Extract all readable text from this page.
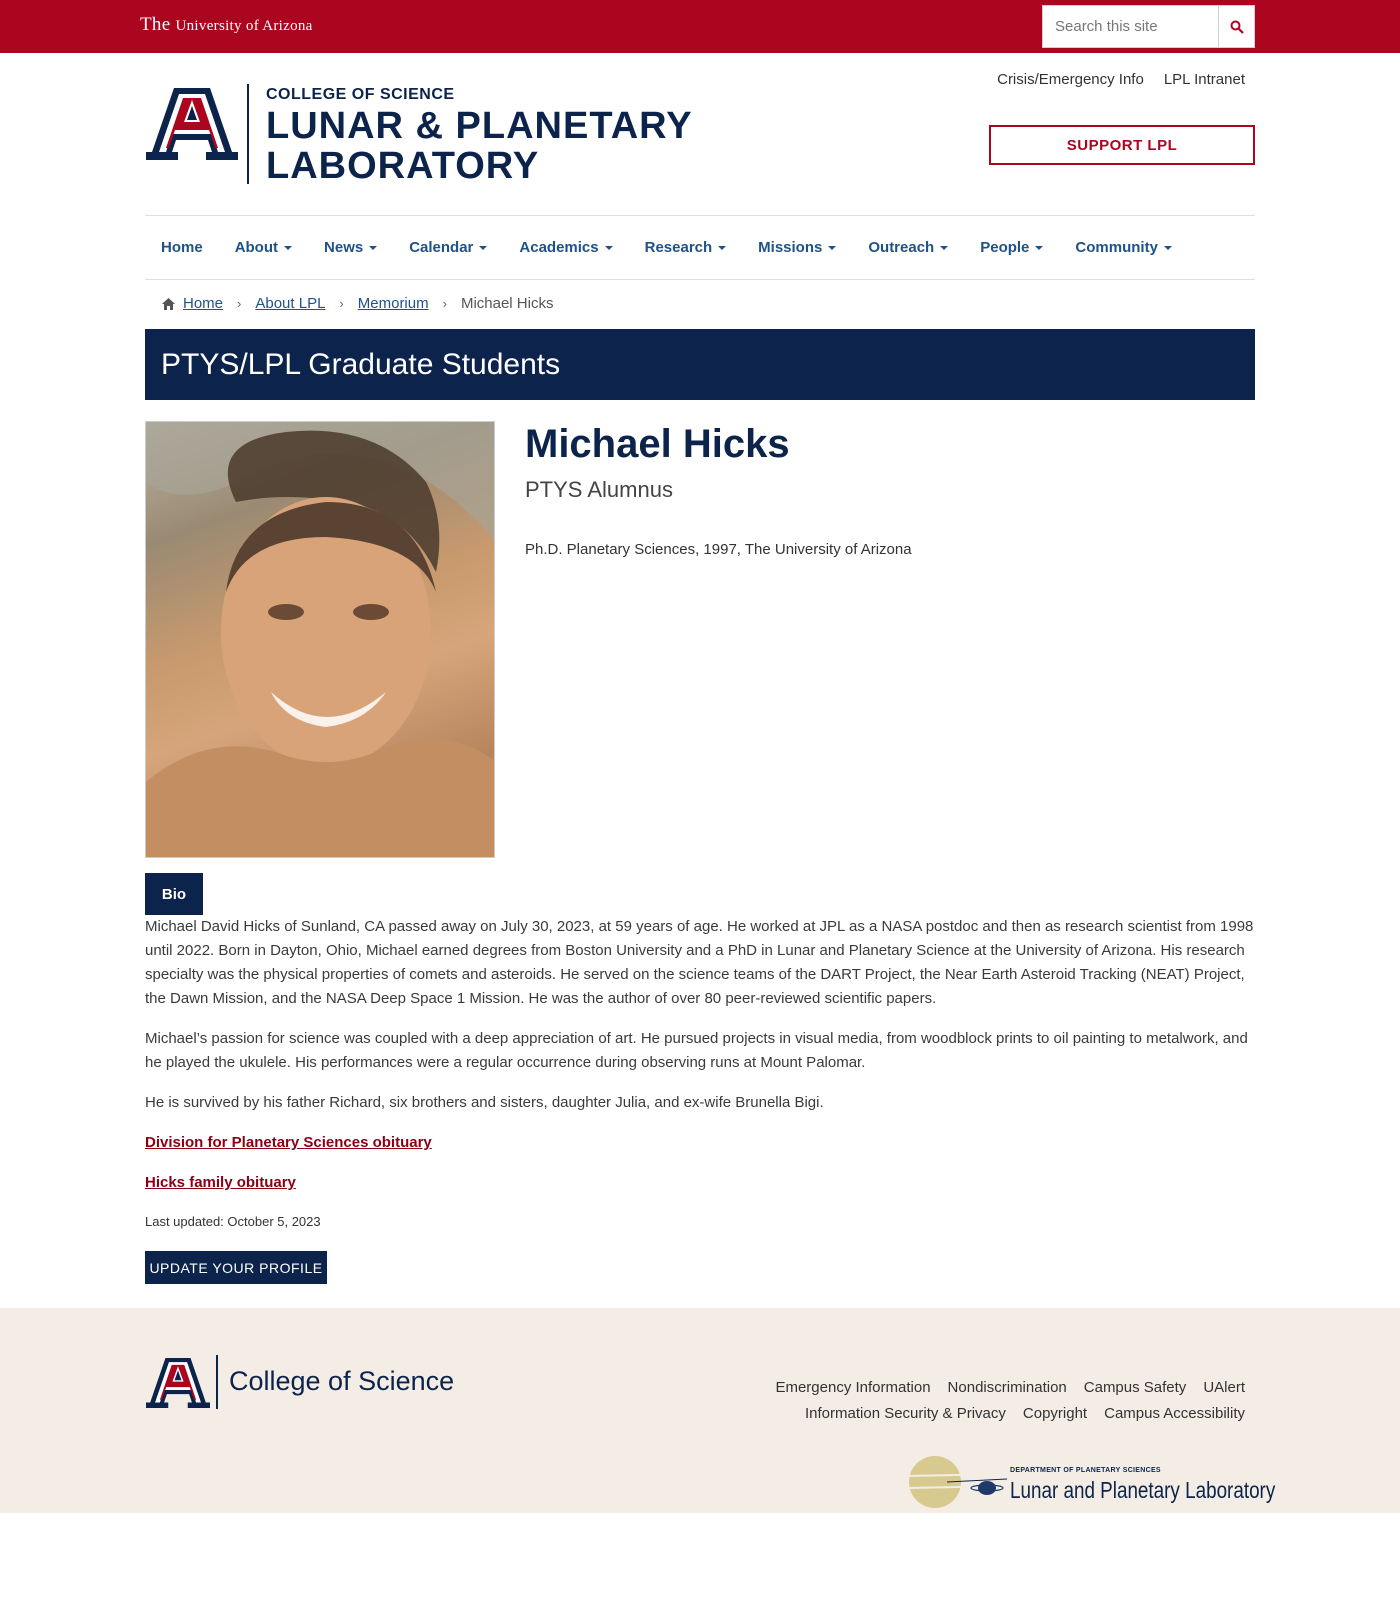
The University of Arizona
Search this site
COLLEGE OF SCIENCE
LUNAR & PLANETARY
LABORATORY
Crisis/Emergency Info LPL Intranet
SUPPORT LPL
Home About	News	Calendar	Academics	Research	Missions	Outreach	People	Community
Home › About LPL › Memorium › Michael Hicks
PTYS/LPL Graduate Students
Michael Hicks
PTYS Alumnus
Ph.D. Planetary Sciences, 1997, The University of Arizona
Bio

Michael David Hicks of Sunland, CA passed away on July 30, 2023, at 59 years of age. He worked at JPL as a NASA postdoc and then as research scientist from 1998 until 2022. Born in Dayton, Ohio, Michael earned degrees from Boston University and a PhD in Lunar and Planetary Science at the University of Arizona. His research specialty was the physical properties of comets and asteroids. He served on the science teams of the DART Project, the Near Earth Asteroid Tracking (NEAT) Project, the Dawn Mission, and the NASA Deep Space 1 Mission. He was the author of over 80 peer-reviewed scientific papers.

Michael’s passion for science was coupled with a deep appreciation of art. He pursued projects in visual media, from woodblock prints to oil painting to metalwork, and he played the ukulele. His performances were a regular occurrence during observing runs at Mount Palomar.

He is survived by his father Richard, six brothers and sisters, daughter Julia, and ex-wife Brunella Bigi.

Division for Planetary Sciences obituary

Hicks family obituary

Last updated: October 5, 2023
UPDATE YOUR PROFILE
College of Science	Emergency Information Nondiscrimination Campus Safety UAlert
Information Security & Privacy Copyright Campus Accessibility
DEPARTMENT OF PLANETARY SCIENCES
Lunar and Planetary Laboratory
